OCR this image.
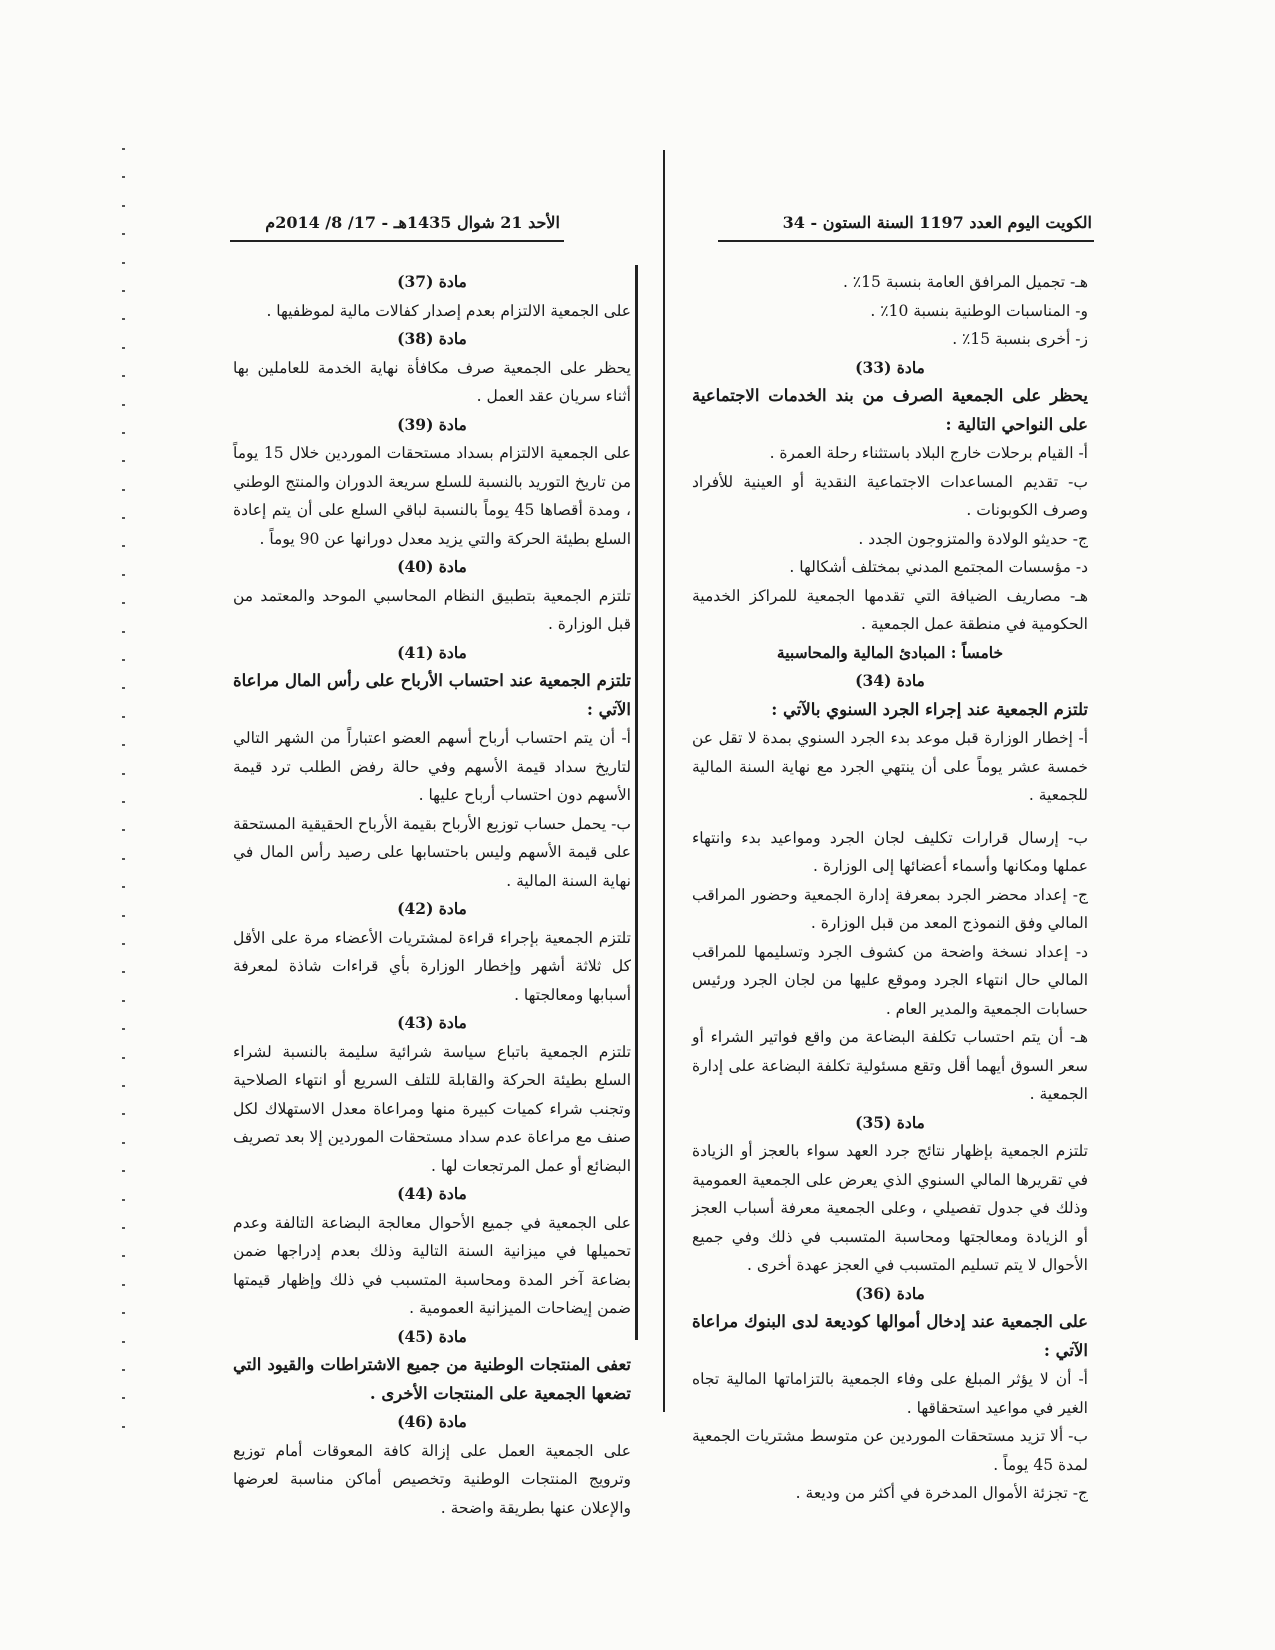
الكويت اليوم العدد 1197 السنة الستون - 34
الأحد 21 شوال 1435هـ - 17/ 8/ 2014م

هـ- تجميل المرافق العامة بنسبة 15٪ .

و- المناسبات الوطنية بنسبة 10٪ .

ز- أخرى بنسبة 15٪ .

مادة (33)

يحظر على الجمعية الصرف من بند الخدمات الاجتماعية على النواحي التالية :

أ- القيام برحلات خارج البلاد باستثناء رحلة العمرة .

ب- تقديم المساعدات الاجتماعية النقدية أو العينية للأفراد وصرف الكوبونات .

ج- حديثو الولادة والمتزوجون الجدد .

د- مؤسسات المجتمع المدني بمختلف أشكالها .

هـ- مصاريف الضيافة التي تقدمها الجمعية للمراكز الخدمية الحكومية في منطقة عمل الجمعية .

خامساً : المبادئ المالية والمحاسبية

مادة (34)

تلتزم الجمعية عند إجراء الجرد السنوي بالآتي :

أ- إخطار الوزارة قبل موعد بدء الجرد السنوي بمدة لا تقل عن خمسة عشر يوماً على أن ينتهي الجرد مع نهاية السنة المالية للجمعية .

ب- إرسال قرارات تكليف لجان الجرد ومواعيد بدء وانتهاء عملها ومكانها وأسماء أعضائها إلى الوزارة .

ج- إعداد محضر الجرد بمعرفة إدارة الجمعية وحضور المراقب المالي وفق النموذج المعد من قبل الوزارة .

د- إعداد نسخة واضحة من كشوف الجرد وتسليمها للمراقب المالي حال انتهاء الجرد وموقع عليها من لجان الجرد ورئيس حسابات الجمعية والمدير العام .

هـ- أن يتم احتساب تكلفة البضاعة من واقع فواتير الشراء أو سعر السوق أيهما أقل وتقع مسئولية تكلفة البضاعة على إدارة الجمعية .

مادة (35)

تلتزم الجمعية بإظهار نتائج جرد العهد سواء بالعجز أو الزيادة في تقريرها المالي السنوي الذي يعرض على الجمعية العمومية وذلك في جدول تفصيلي ، وعلى الجمعية معرفة أسباب العجز أو الزيادة ومعالجتها ومحاسبة المتسبب في ذلك وفي جميع الأحوال لا يتم تسليم المتسبب في العجز عهدة أخرى .

مادة (36)

على الجمعية عند إدخال أموالها كوديعة لدى البنوك مراعاة الآتي :

أ- أن لا يؤثر المبلغ على وفاء الجمعية بالتزاماتها المالية تجاه الغير في مواعيد استحقاقها .

ب- ألا تزيد مستحقات الموردين عن متوسط مشتريات الجمعية لمدة 45 يوماً .

ج- تجزئة الأموال المدخرة في أكثر من وديعة .

مادة (37)

على الجمعية الالتزام بعدم إصدار كفالات مالية لموظفيها .

مادة (38)

يحظر على الجمعية صرف مكافأة نهاية الخدمة للعاملين بها أثناء سريان عقد العمل .

مادة (39)

على الجمعية الالتزام بسداد مستحقات الموردين خلال 15 يوماً من تاريخ التوريد بالنسبة للسلع سريعة الدوران والمنتج الوطني ، ومدة أقصاها 45 يوماً بالنسبة لباقي السلع على أن يتم إعادة السلع بطيئة الحركة والتي يزيد معدل دورانها عن 90 يوماً .

مادة (40)

تلتزم الجمعية بتطبيق النظام المحاسبي الموحد والمعتمد من قبل الوزارة .

مادة (41)

تلتزم الجمعية عند احتساب الأرباح على رأس المال مراعاة الآتي :

أ- أن يتم احتساب أرباح أسهم العضو اعتباراً من الشهر التالي لتاريخ سداد قيمة الأسهم وفي حالة رفض الطلب ترد قيمة الأسهم دون احتساب أرباح عليها .

ب- يحمل حساب توزيع الأرباح بقيمة الأرباح الحقيقية المستحقة على قيمة الأسهم وليس باحتسابها على رصيد رأس المال في نهاية السنة المالية .

مادة (42)

تلتزم الجمعية بإجراء قراءة لمشتريات الأعضاء مرة على الأقل كل ثلاثة أشهر وإخطار الوزارة بأي قراءات شاذة لمعرفة أسبابها ومعالجتها .

مادة (43)

تلتزم الجمعية باتباع سياسة شرائية سليمة بالنسبة لشراء السلع بطيئة الحركة والقابلة للتلف السريع أو انتهاء الصلاحية وتجنب شراء كميات كبيرة منها ومراعاة معدل الاستهلاك لكل صنف مع مراعاة عدم سداد مستحقات الموردين إلا بعد تصريف البضائع أو عمل المرتجعات لها .

مادة (44)

على الجمعية في جميع الأحوال معالجة البضاعة التالفة وعدم تحميلها في ميزانية السنة التالية وذلك بعدم إدراجها ضمن بضاعة آخر المدة ومحاسبة المتسبب في ذلك وإظهار قيمتها ضمن إيضاحات الميزانية العمومية .

مادة (45)

تعفى المنتجات الوطنية من جميع الاشتراطات والقيود التي تضعها الجمعية على المنتجات الأخرى .

مادة (46)

على الجمعية العمل على إزالة كافة المعوقات أمام توزيع وترويج المنتجات الوطنية وتخصيص أماكن مناسبة لعرضها والإعلان عنها بطريقة واضحة .
